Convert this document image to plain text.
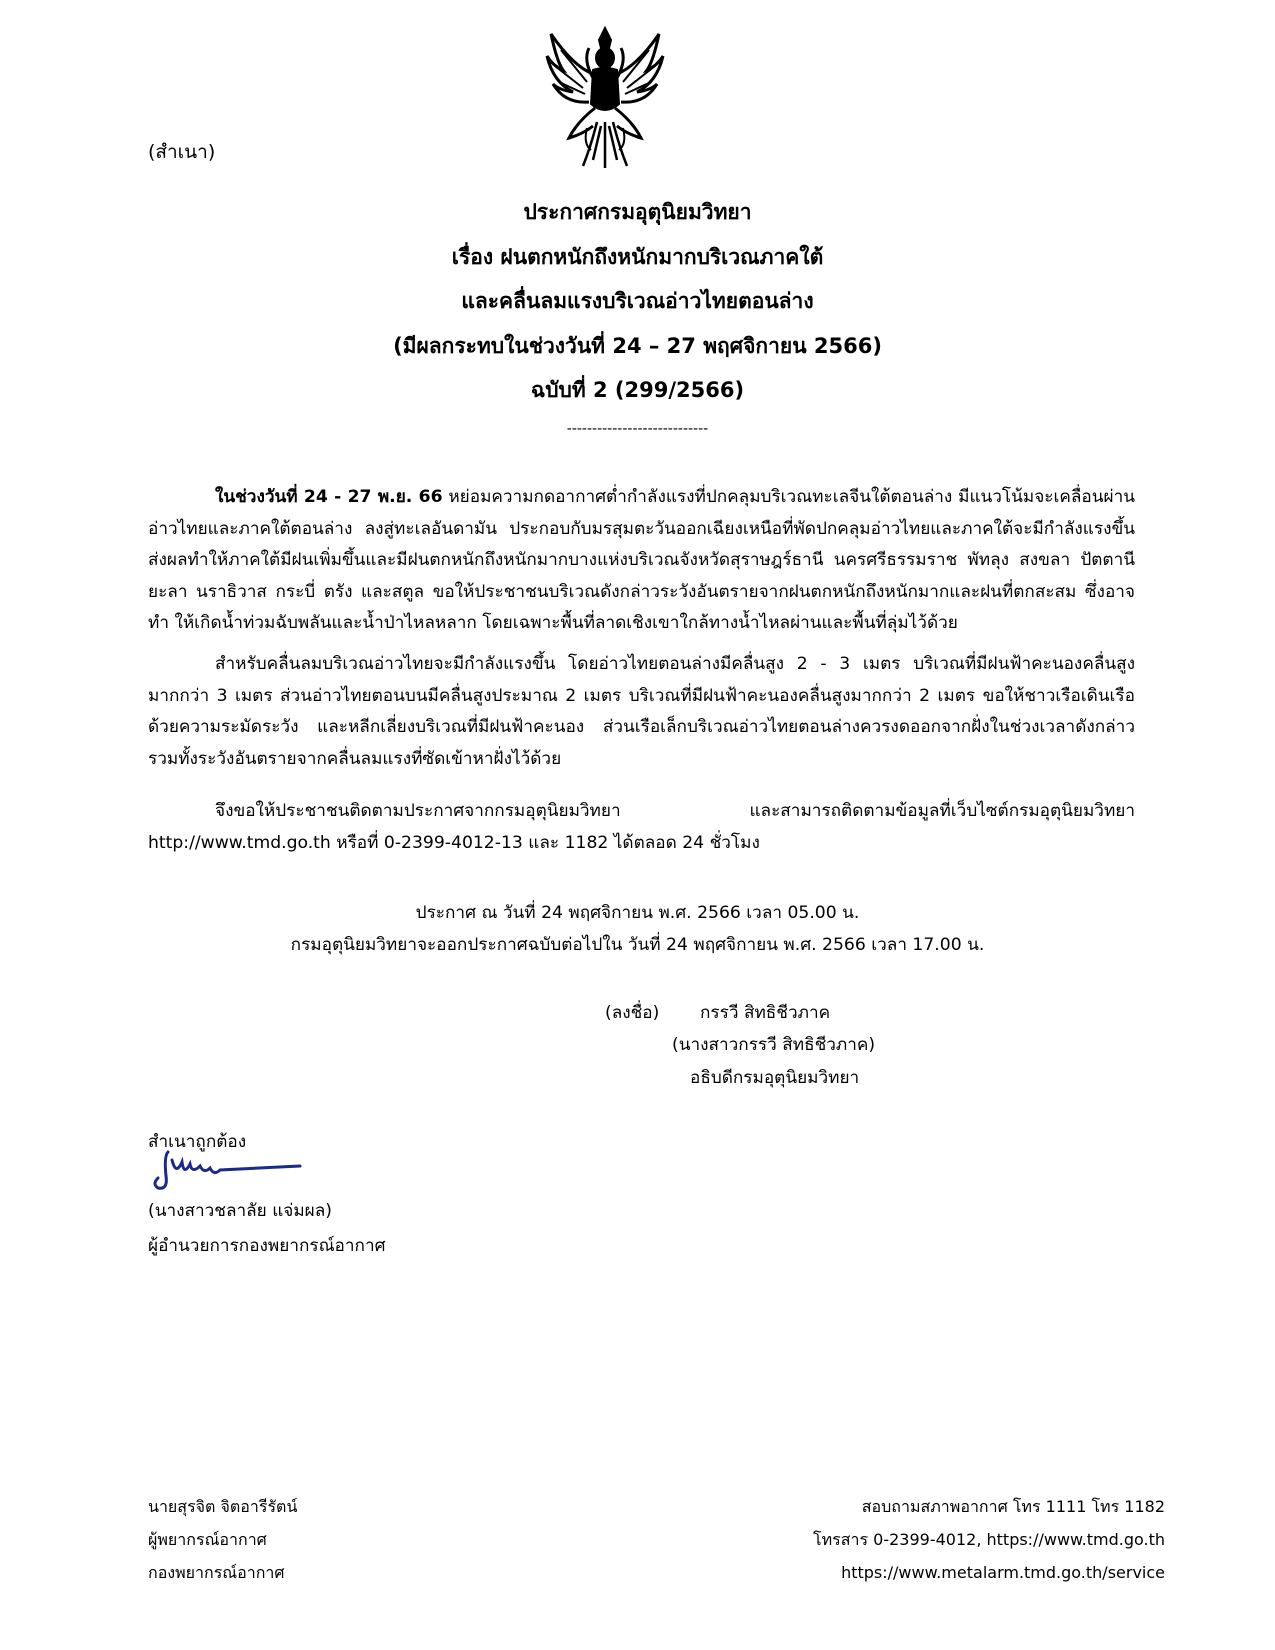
(สำเนา)
ประกาศกรมอุตุนิยมวิทยา
เรื่อง ฝนตกหนักถึงหนักมากบริเวณภาคใต้
และคลื่นลมแรงบริเวณอ่าวไทยตอนล่าง
(มีผลกระทบในช่วงวันที่ 24 – 27 พฤศจิกายน 2566)
ฉบับที่ 2 (299/2566)
----------------------------
ในช่วงวันที่ 24 - 27 พ.ย. 66 หย่อมความกดอากาศต่ำกำลังแรงที่ปกคลุมบริเวณทะเลจีนใต้ตอนล่าง มีแนวโน้มจะเคลื่อนผ่านอ่าวไทยและภาคใต้ตอนล่าง ลงสู่ทะเลอันดามัน ประกอบกับมรสุมตะวันออกเฉียงเหนือที่พัดปกคลุมอ่าวไทยและภาคใต้จะมีกำลังแรงขึ้น ส่งผลทำให้ภาคใต้มีฝนเพิ่มขึ้นและมีฝนตกหนักถึงหนักมากบางแห่งบริเวณจังหวัดสุราษฎร์ธานี นครศรีธรรมราช พัทลุง สงขลา ปัตตานี ยะลา นราธิวาส กระบี่ ตรัง และสตูล ขอให้ประชาชนบริเวณดังกล่าวระวังอันตรายจากฝนตกหนักถึงหนักมากและฝนที่ตกสะสม ซึ่งอาจทำ ให้เกิดน้ำท่วมฉับพลันและน้ำป่าไหลหลาก โดยเฉพาะพื้นที่ลาดเชิงเขาใกล้ทางน้ำไหลผ่านและพื้นที่ลุ่มไว้ด้วย
สำหรับคลื่นลมบริเวณอ่าวไทยจะมีกำลังแรงขึ้น โดยอ่าวไทยตอนล่างมีคลื่นสูง 2 - 3 เมตร บริเวณที่มีฝนฟ้าคะนองคลื่นสูงมากกว่า 3 เมตร ส่วนอ่าวไทยตอนบนมีคลื่นสูงประมาณ 2 เมตร บริเวณที่มีฝนฟ้าคะนองคลื่นสูงมากกว่า 2 เมตร ขอให้ชาวเรือเดินเรือด้วยความระมัดระวัง และหลีกเลี่ยงบริเวณที่มีฝนฟ้าคะนอง ส่วนเรือเล็กบริเวณอ่าวไทยตอนล่างควรงดออกจากฝั่งในช่วงเวลาดังกล่าว รวมทั้งระวังอันตรายจากคลื่นลมแรงที่ซัดเข้าหาฝั่งไว้ด้วย
จึงขอให้ประชาชนติดตามประกาศจากกรมอุตุนิยมวิทยา และสามารถติดตามข้อมูลที่เว็บไซต์กรมอุตุนิยมวิทยา http://www.tmd.go.th หรือที่ 0-2399-4012-13 และ 1182 ได้ตลอด 24 ชั่วโมง
ประกาศ ณ วันที่ 24 พฤศจิกายน พ.ศ. 2566 เวลา 05.00 น.
กรมอุตุนิยมวิทยาจะออกประกาศฉบับต่อไปใน วันที่ 24 พฤศจิกายน พ.ศ. 2566 เวลา 17.00 น.
(ลงชื่อ) กรรวี สิทธิชีวภาค
(นางสาวกรรวี สิทธิชีวภาค)
อธิบดีกรมอุตุนิยมวิทยา
สำเนาถูกต้อง
(นางสาวชลาลัย แจ่มผล)
ผู้อำนวยการกองพยากรณ์อากาศ
นายสุรจิต จิตอารีรัตน์
ผู้พยากรณ์อากาศ
กองพยากรณ์อากาศ
สอบถามสภาพอากาศ โทร 1111 โทร 1182
โทรสาร 0-2399-4012, https://www.tmd.go.th
https://www.metalarm.tmd.go.th/service
